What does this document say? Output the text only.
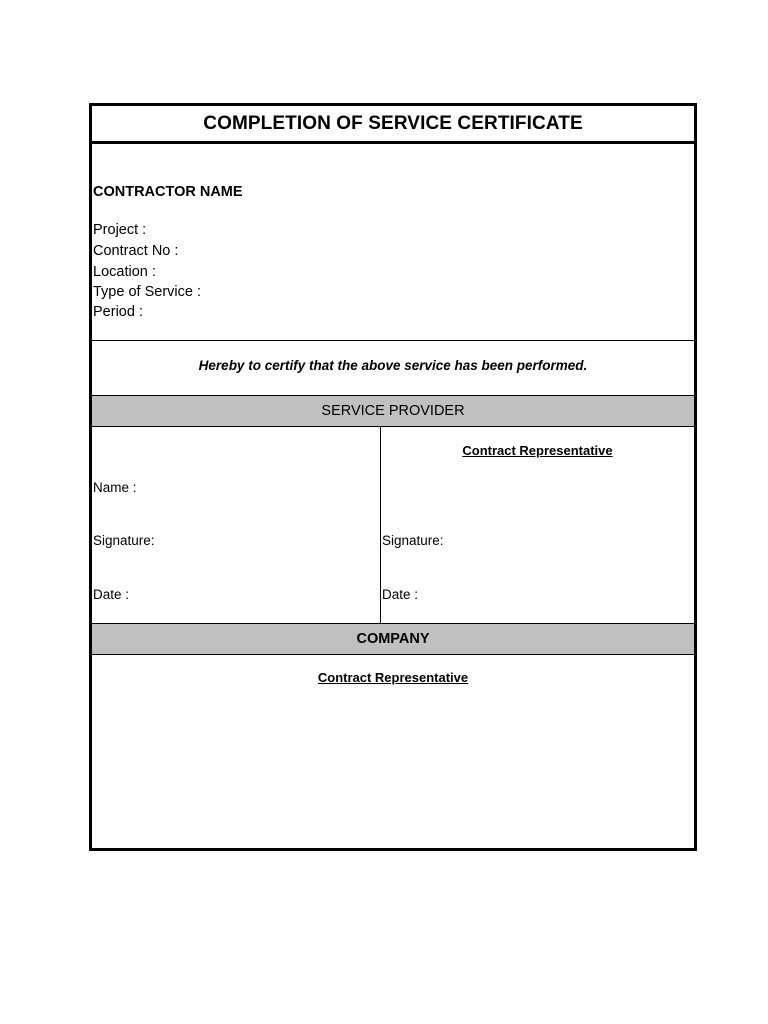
COMPLETION OF SERVICE CERTIFICATE
CONTRACTOR NAME
Project :
Contract No :
Location :
Type of Service :
Period :
Hereby to certify that the above service has been performed.
SERVICE PROVIDER
Contract Representative
Name :
Signature:
Date :
Signature:
Date :
COMPANY
Contract Representative
